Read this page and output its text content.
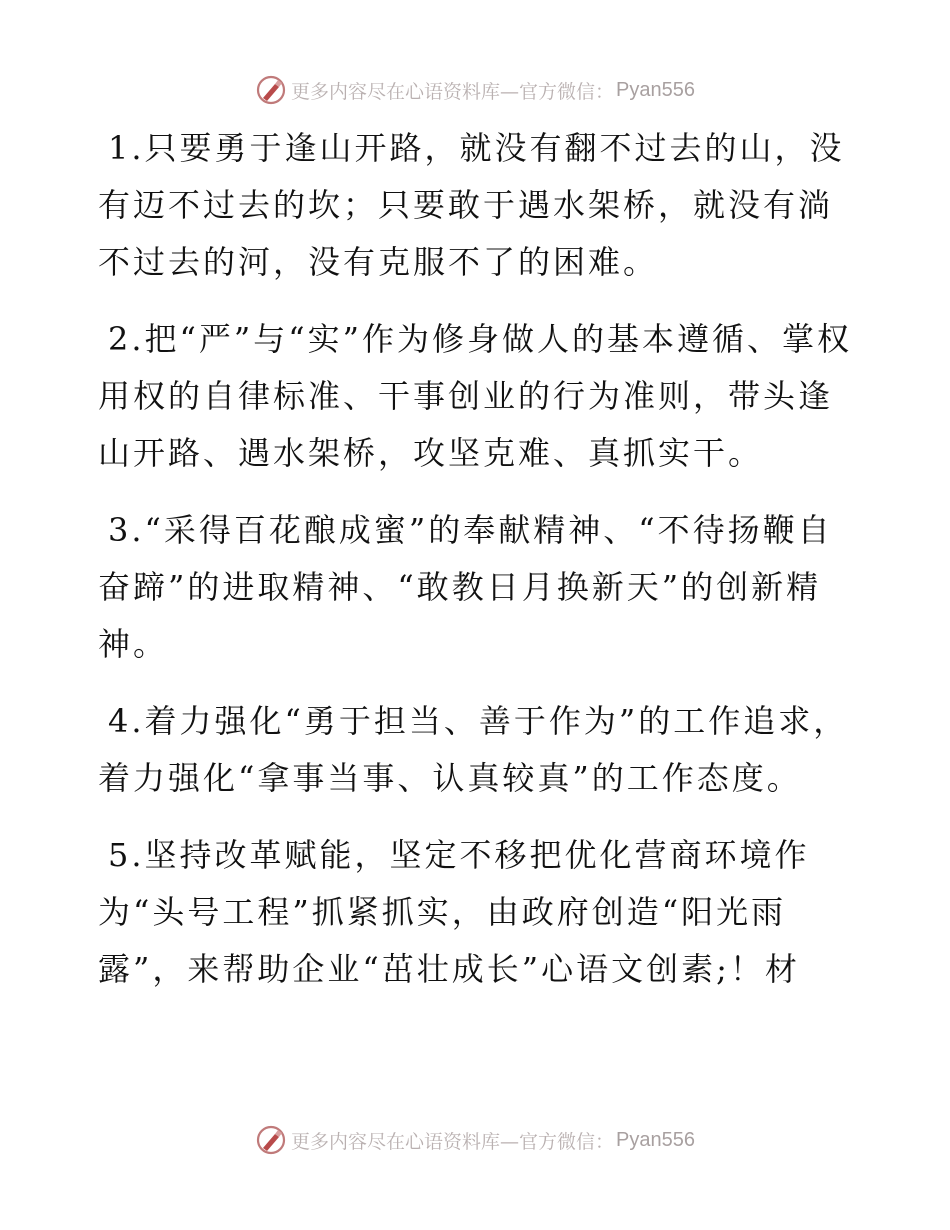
更多内容尽在心语资料库—官方微信： Pyan556

1.只要勇于逢山开路，就没有翻不过去的山，没有迈不过去的坎；只要敢于遇水架桥，就没有淌不过去的河，没有克服不了的困难。

2.把“严”与“实”作为修身做人的基本遵循、掌权用权的自律标准、干事创业的行为准则，带头逢山开路、遇水架桥，攻坚克难、真抓实干。

3.“采得百花酿成蜜”的奉献精神、“不待扬鞭自奋蹄”的进取精神、“敢教日月换新天”的创新精神。

4.着力强化“勇于担当、善于作为”的工作追求，着力强化“拿事当事、认真较真”的工作态度。

5.坚持改革赋能，坚定不移把优化营商环境作为“头号工程”抓紧抓实，由政府创造“阳光雨露”，来帮助企业“茁壮成长”心语文创素;！材

更多内容尽在心语资料库—官方微信： Pyan556
